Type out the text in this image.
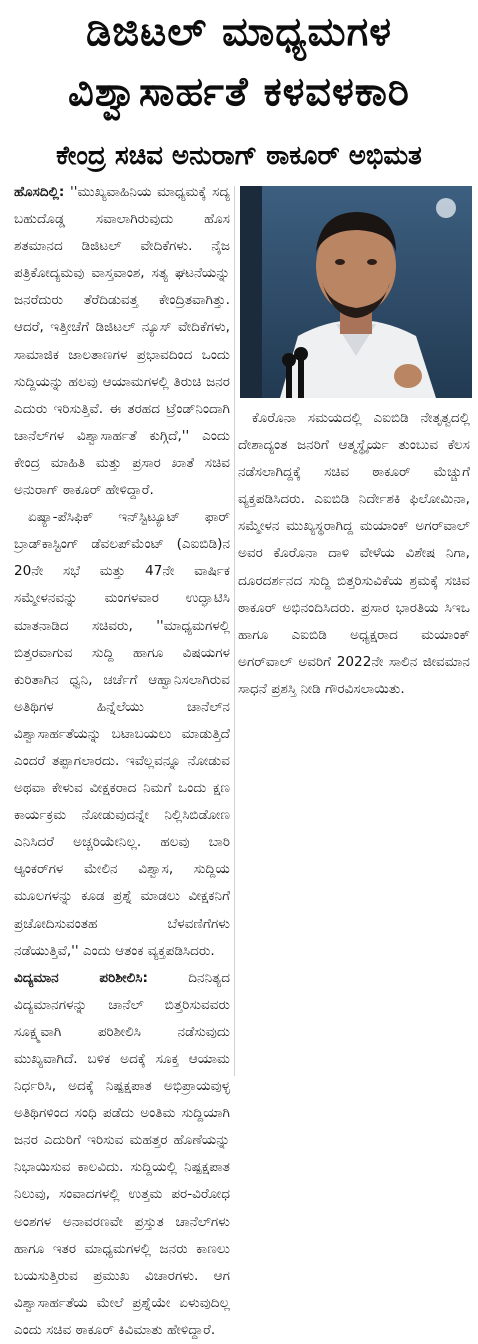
ಡಿಜಿಟಲ್ ಮಾಧ್ಯಮಗಳ
ವಿಶ್ವಾಸಾರ್ಹತೆ ಕಳವಳಕಾರಿ
ಕೇಂದ್ರ ಸಚಿವ ಅನುರಾಗ್ ಠಾಕೂರ್ ಅಭಿಮತ

ಹೊಸದಿಲ್ಲಿ: ''ಮುಖ್ಯವಾಹಿನಿಯ ಮಾಧ್ಯಮಕ್ಕೆ ಸದ್ಯ ಬಹುದೊಡ್ಡ ಸವಾಲಾಗಿರುವುದು ಹೊಸ ಶತಮಾನದ ಡಿಜಿಟಲ್ ವೇದಿಕೆಗಳು. ನೈಜ ಪತ್ರಿಕೋದ್ಯಮವು ವಾಸ್ತವಾಂಶ, ಸತ್ಯ ಘಟನೆಯನ್ನು ಜನರೆದುರು ತೆರೆದಿಡುವತ್ತ ಕೇಂದ್ರಿತವಾಗಿತ್ತು. ಆದರೆ, ಇತ್ತೀಚೆಗೆ ಡಿಜಿಟಲ್ ನ್ಯೂಸ್ ವೇದಿಕೆಗಳು, ಸಾಮಾಜಿಕ ಜಾಲತಾಣಗಳ ಪ್ರಭಾವದಿಂದ ಒಂದು ಸುದ್ದಿಯನ್ನು ಹಲವು ಆಯಾಮಗಳಲ್ಲಿ ತಿರುಚಿ ಜನರ ಎದುರು ಇರಿಸುತ್ತಿವೆ. ಈ ತರಹದ ಟ್ರೆಂಡ್‌ನಿಂದಾಗಿ ಚಾನೆಲ್‌ಗಳ ವಿಶ್ವಾಸಾರ್ಹತೆ ಕುಗ್ಗಿದೆ,'' ಎಂದು ಕೇಂದ್ರ ಮಾಹಿತಿ ಮತ್ತು ಪ್ರಸಾರ ಖಾತೆ ಸಚಿವ ಅನುರಾಗ್ ಠಾಕೂರ್ ಹೇಳಿದ್ದಾರೆ.

ಏಷ್ಯಾ-ಪೆಸಿಫಿಕ್ ಇನ್‌ಸ್ಟಿಟ್ಯೂಟ್ ಫಾರ್ ಬ್ರಾಡ್‌ಕಾಸ್ಟಿಂಗ್ ಡೆವಲಪ್‌ಮೆಂಟ್ (ಎಐಬಿಡಿ)ನ 20ನೇ ಸಭೆ ಮತ್ತು 47ನೇ ವಾರ್ಷಿಕ ಸಮ್ಮೇಳನವನ್ನು ಮಂಗಳವಾರ ಉದ್ಘಾಟಿಸಿ ಮಾತನಾಡಿದ ಸಚಿವರು, ''ಮಾಧ್ಯಮಗಳಲ್ಲಿ ಬಿತ್ತರವಾಗುವ ಸುದ್ದಿ ಹಾಗೂ ವಿಷಯಗಳ ಕುರಿತಾಗಿನ ಧ್ವನಿ, ಚರ್ಚೆಗೆ ಆಹ್ವಾನಿಸಲಾಗಿರುವ ಅತಿಥಿಗಳ ಹಿನ್ನೆಲೆಯು ಚಾನೆಲ್‌ನ ವಿಶ್ವಾಸಾರ್ಹತೆಯನ್ನು ಬಟಾಬಯಲು ಮಾಡುತ್ತಿದೆ ಎಂದರೆ ತಪ್ಪಾಗಲಾರದು. ಇವೆಲ್ಲವನ್ನೂ ನೋಡುವ ಅಥವಾ ಕೇಳುವ ವೀಕ್ಷಕರಾದ ನಿಮಗೆ ಒಂದು ಕ್ಷಣ ಕಾರ್ಯಕ್ರಮ ನೋಡುವುದನ್ನೇ ನಿಲ್ಲಿಸಿಬಿಡೋಣ ಎನಿಸಿದರೆ ಅಚ್ಚರಿಯೇನಿಲ್ಲ. ಹಲವು ಬಾರಿ ಆ್ಯಂಕರ್‌ಗಳ ಮೇಲಿನ ವಿಶ್ವಾಸ, ಸುದ್ದಿಯ ಮೂಲಗಳನ್ನು ಕೂಡ ಪ್ರಶ್ನೆ ಮಾಡಲು ವೀಕ್ಷಕನಿಗೆ ಪ್ರಚೋದಿಸುವಂತಹ ಬೆಳವಣಿಗೆಗಳು ನಡೆಯುತ್ತಿವೆ,'' ಎಂದು ಆತಂಕ ವ್ಯಕ್ತಪಡಿಸಿದರು.

ವಿದ್ಯಮಾನ ಪರಿಶೀಲಿಸಿ:	ದಿನನಿತ್ಯದ ವಿದ್ಯಮಾನಗಳನ್ನು ಚಾನೆಲ್ ಬಿತ್ತರಿಸುವವರು ಸೂಕ್ಷ್ಮವಾಗಿ ಪರಿಶೀಲಿಸಿ ನಡೆಸುವುದು ಮುಖ್ಯವಾಗಿದೆ. ಬಳಿಕ ಅದಕ್ಕೆ ಸೂಕ್ತ ಆಯಾಮ ನಿರ್ಧರಿಸಿ, ಅದಕ್ಕೆ ನಿಷ್ಪಕ್ಷಪಾತ ಅಭಿಪ್ರಾಯವುಳ್ಳ ಅತಿಥಿಗಳಿಂದ ಸಂಧಿ ಪಡೆದು ಅಂತಿಮ ಸುದ್ದಿಯಾಗಿ ಜನರ ಎದುರಿಗೆ ಇರಿಸುವ ಮಹತ್ತರ ಹೊಣೆಯನ್ನು ನಿಭಾಯಿಸುವ ಕಾಲವಿದು. ಸುದ್ದಿಯಲ್ಲಿ ನಿಷ್ಪಕ್ಷಪಾತ ನಿಲುವು, ಸಂವಾದಗಳಲ್ಲಿ ಉತ್ತಮ ಪರ-ವಿರೋಧ ಅಂಶಗಳ ಅನಾವರಣವೇ ಪ್ರಸ್ತುತ ಚಾನೆಲ್‌ಗಳು ಹಾಗೂ ಇತರ ಮಾಧ್ಯಮಗಳಲ್ಲಿ ಜನರು ಕಾಣಲು ಬಯಸುತ್ತಿರುವ ಪ್ರಮುಖ ವಿಚಾರಗಳು. ಆಗ ವಿಶ್ವಾಸಾರ್ಹತೆಯ ಮೇಲೆ ಪ್ರಶ್ನೆಯೇ ಏಳುವುದಿಲ್ಲ ಎಂದು ಸಚಿವ ಠಾಕೂರ್ ಕಿವಿಮಾತು ಹೇಳಿದ್ದಾರೆ.

ಕೊರೊನಾ ಸಮಯದಲ್ಲಿ ಎಐಬಿಡಿ ನೇತೃತ್ವದಲ್ಲಿ ದೇಶಾದ್ಯಂತ ಜನರಿಗೆ ಆತ್ಮಸ್ಥೈರ್ಯ ತುಂಬುವ ಕೆಲಸ ನಡೆಸಲಾಗಿದ್ದಕ್ಕೆ ಸಚಿವ ಠಾಕೂರ್ ಮೆಚ್ಚುಗೆ ವ್ಯಕ್ತಪಡಿಸಿದರು. ಎಐಬಿಡಿ ನಿರ್ದೇಶಕಿ ಫಿಲೋಮಿನಾ, ಸಮ್ಮೇಳನ ಮುಖ್ಯಸ್ಥರಾಗಿದ್ದ ಮಯಾಂಕ್ ಅಗರ್‌ವಾಲ್ ಅವರ ಕೊರೊನಾ ದಾಳಿ ವೇಳೆಯ ವಿಶೇಷ ನಿಗಾ, ದೂರದರ್ಶನದ ಸುದ್ದಿ ಬಿತ್ತರಿಸುವಿಕೆಯ ಶ್ರಮಕ್ಕೆ ಸಚಿವ ಠಾಕೂರ್ ಅಭಿನಂದಿಸಿದರು. ಪ್ರಸಾರ ಭಾರತಿಯ ಸಿಇಒ ಹಾಗೂ ಎಐಬಿಡಿ ಅಧ್ಯಕ್ಷರಾದ ಮಯಾಂಕ್ ಅಗರ್‌ವಾಲ್ ಅವರಿಗೆ 2022ನೇ ಸಾಲಿನ ಜೀವಮಾನ ಸಾಧನೆ ಪ್ರಶಸ್ತಿ ನೀಡಿ ಗೌರವಿಸಲಾಯಿತು.
